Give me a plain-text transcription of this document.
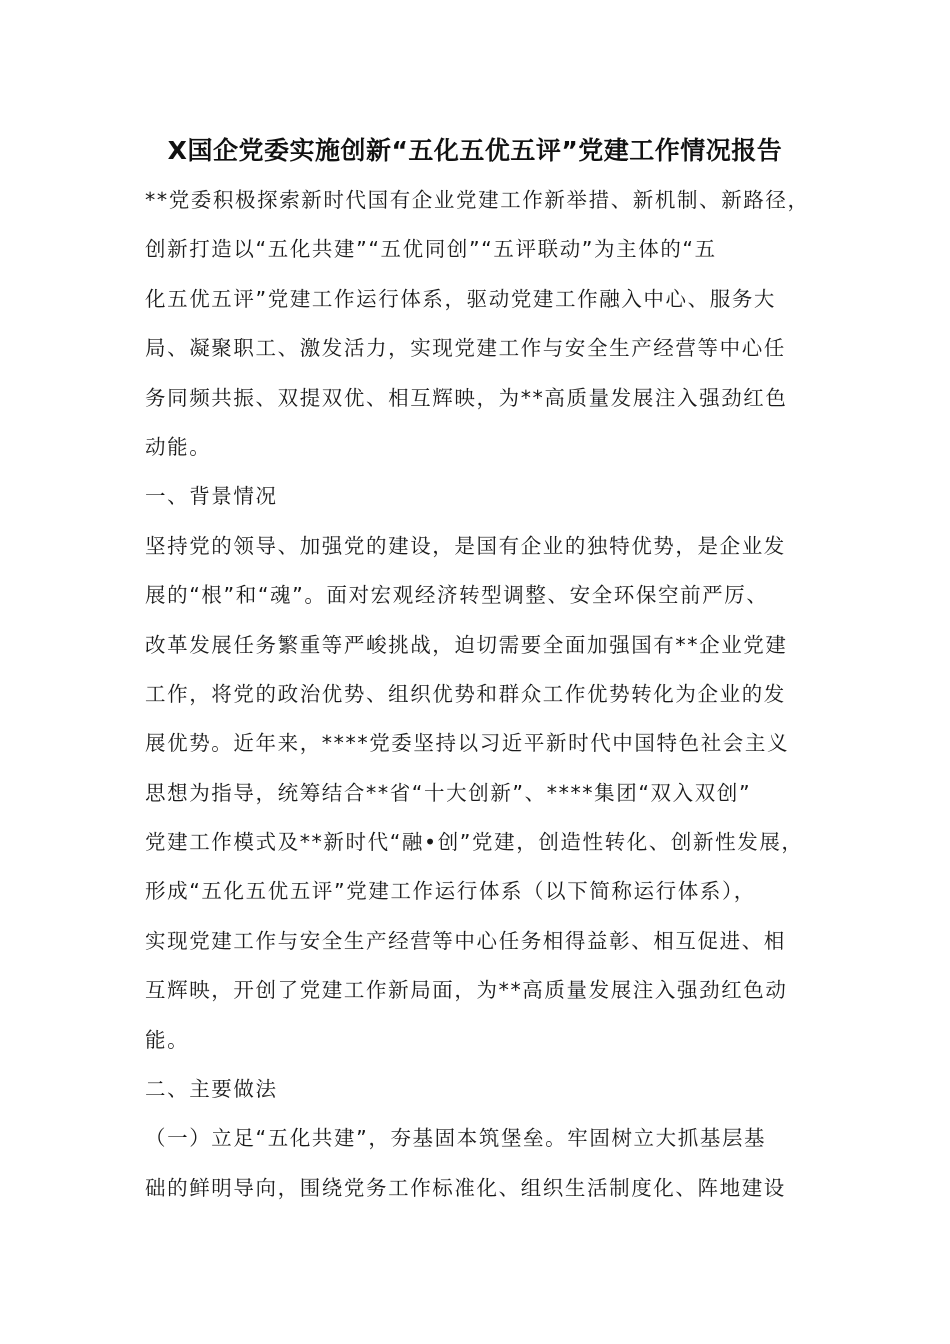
X国企党委实施创新“五化五优五评”党建工作情况报告
**党委积极探索新时代国有企业党建工作新举措、新机制、新路径，
创新打造以“五化共建”“五优同创”“五评联动”为主体的“五
化五优五评”党建工作运行体系，驱动党建工作融入中心、服务大
局、凝聚职工、激发活力，实现党建工作与安全生产经营等中心任
务同频共振、双提双优、相互辉映，为**高质量发展注入强劲红色
动能。
一、背景情况
坚持党的领导、加强党的建设，是国有企业的独特优势，是企业发
展的“根”和“魂”。面对宏观经济转型调整、安全环保空前严厉、
改革发展任务繁重等严峻挑战，迫切需要全面加强国有**企业党建
工作，将党的政治优势、组织优势和群众工作优势转化为企业的发
展优势。近年来，****党委坚持以习近平新时代中国特色社会主义
思想为指导，统筹结合**省“十大创新”、****集团“双入双创”
党建工作模式及**新时代“融•创”党建，创造性转化、创新性发展，
形成“五化五优五评”党建工作运行体系（以下简称运行体系），
实现党建工作与安全生产经营等中心任务相得益彰、相互促进、相
互辉映，开创了党建工作新局面，为**高质量发展注入强劲红色动
能。
二、主要做法
（一）立足“五化共建”，夯基固本筑堡垒。牢固树立大抓基层基
础的鲜明导向，围绕党务工作标准化、组织生活制度化、阵地建设
